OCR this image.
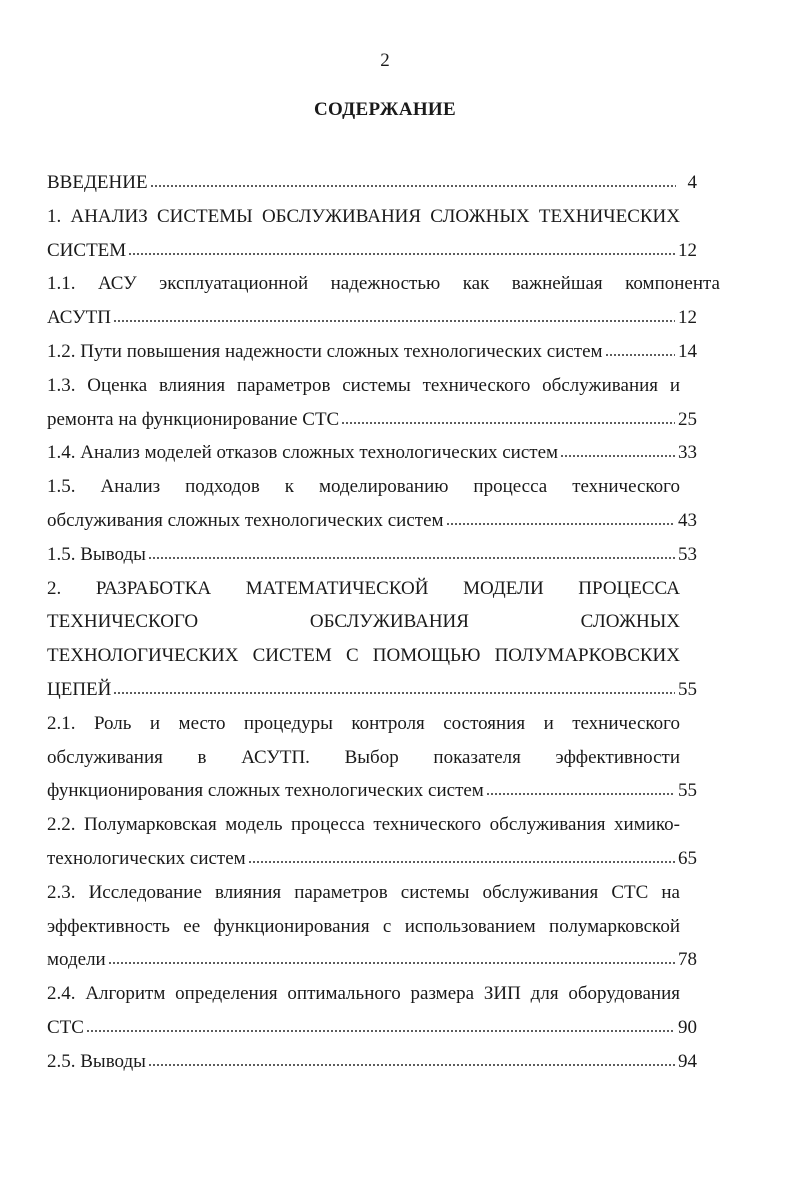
2
СОДЕРЖАНИЕ
ВВЕДЕНИЕ	4
1. АНАЛИЗ СИСТЕМЫ ОБСЛУЖИВАНИЯ СЛОЖНЫХ ТЕХНИЧЕСКИХ
СИСТЕМ	12
1.1. АСУ эксплуатационной надежностью как важнейшая компонента
АСУТП	12
1.2. Пути повышения надежности сложных технологических систем	14
1.3. Оценка влияния параметров системы технического обслуживания и
ремонта на функционирование СТС	25
1.4. Анализ моделей отказов сложных технологических систем	33
1.5. Анализ подходов к моделированию процесса технического
обслуживания сложных технологических систем	43
1.5. Выводы	53
2. РАЗРАБОТКА МАТЕМАТИЧЕСКОЙ МОДЕЛИ ПРОЦЕССА
ТЕХНИЧЕСКОГО ОБСЛУЖИВАНИЯ СЛОЖНЫХ
ТЕХНОЛОГИЧЕСКИХ СИСТЕМ С ПОМОЩЬЮ ПОЛУМАРКОВСКИХ
ЦЕПЕЙ	55
2.1. Роль и место процедуры контроля состояния и технического
обслуживания в АСУТП. Выбор показателя эффективности
функционирования сложных технологических систем	55
2.2. Полумарковская модель процесса технического обслуживания химико-
технологических систем	65
2.3. Исследование влияния параметров системы обслуживания СТС на
эффективность ее функционирования с использованием полумарковской
модели	78
2.4. Алгоритм определения оптимального размера ЗИП для оборудования
СТС	90
2.5. Выводы	94
